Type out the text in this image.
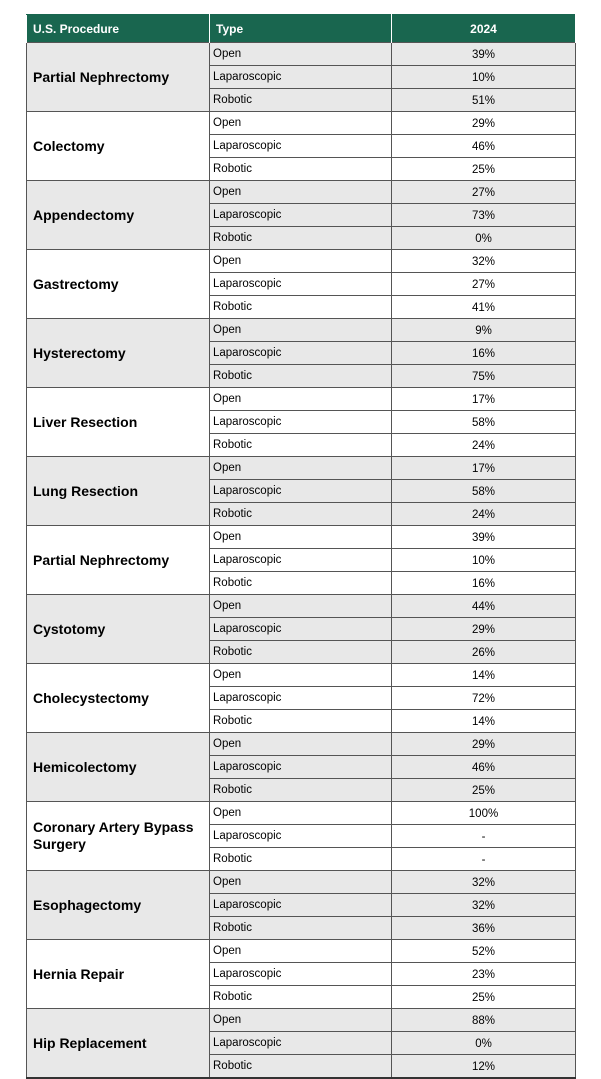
U.S. Procedure	Type	2024
Partial Nephrectomy	Open	39%
	Laparoscopic	10%
	Robotic	51%
Colectomy	Open	29%
	Laparoscopic	46%
	Robotic	25%
Appendectomy	Open	27%
	Laparoscopic	73%
	Robotic	0%
Gastrectomy	Open	32%
	Laparoscopic	27%
	Robotic	41%
Hysterectomy	Open	9%
	Laparoscopic	16%
	Robotic	75%
Liver Resection	Open	17%
	Laparoscopic	58%
	Robotic	24%
Lung Resection	Open	17%
	Laparoscopic	58%
	Robotic	24%
Partial Nephrectomy	Open	39%
	Laparoscopic	10%
	Robotic	16%
Cystotomy	Open	44%
	Laparoscopic	29%
	Robotic	26%
Cholecystectomy	Open	14%
	Laparoscopic	72%
	Robotic	14%
Hemicolectomy	Open	29%
	Laparoscopic	46%
	Robotic	25%
Coronary Artery Bypass Surgery	Open	100%
	Laparoscopic	-
	Robotic	-
Esophagectomy	Open	32%
	Laparoscopic	32%
	Robotic	36%
Hernia Repair	Open	52%
	Laparoscopic	23%
	Robotic	25%
Hip Replacement	Open	88%
	Laparoscopic	0%
	Robotic	12%
